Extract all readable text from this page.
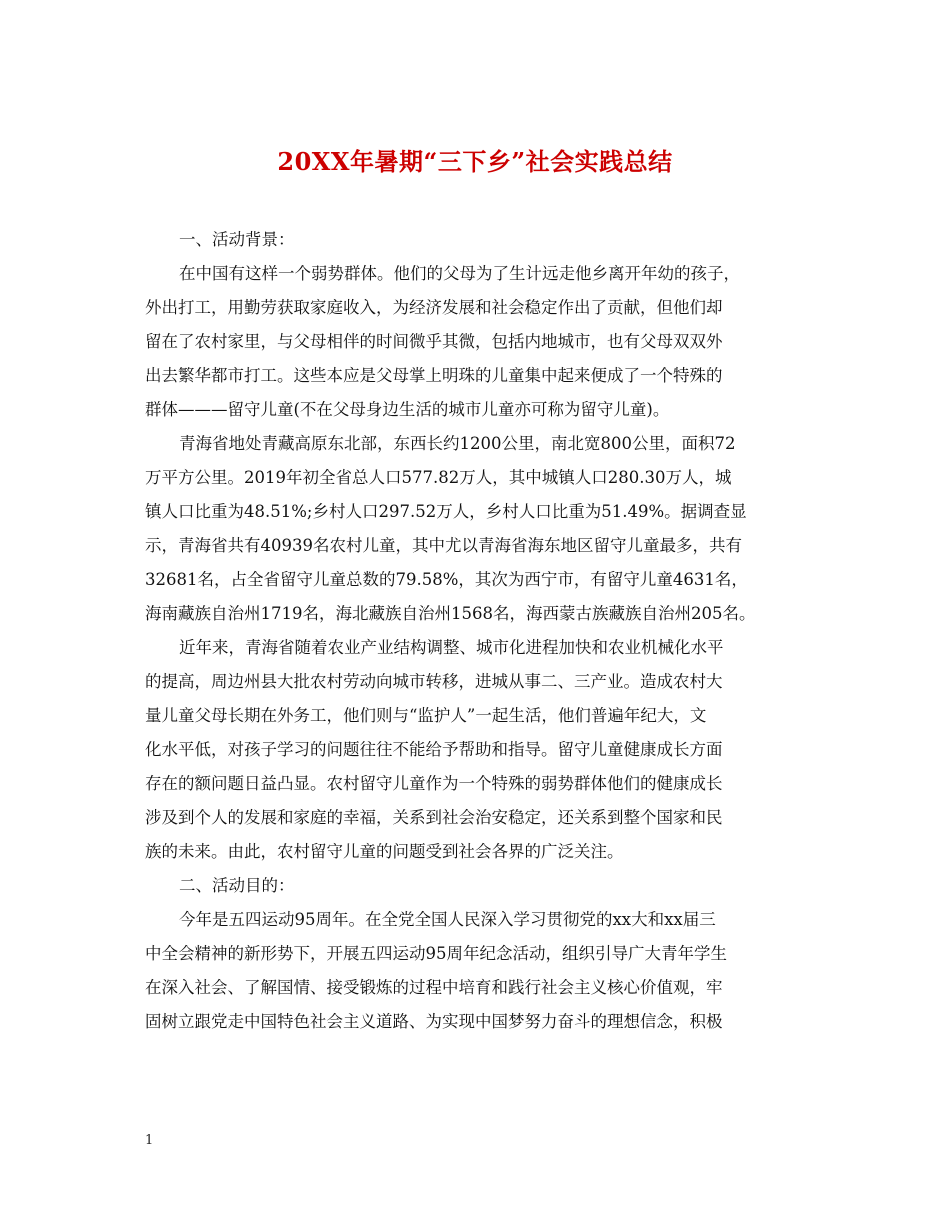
20XX年暑期“三下乡”社会实践总结
一、活动背景：
在中国有这样一个弱势群体。他们的父母为了生计远走他乡离开年幼的孩子，
外出打工，用勤劳获取家庭收入，为经济发展和社会稳定作出了贡献，但他们却
留在了农村家里，与父母相伴的时间微乎其微，包括内地城市，也有父母双双外
出去繁华都市打工。这些本应是父母掌上明珠的儿童集中起来便成了一个特殊的
群体———留守儿童(不在父母身边生活的城市儿童亦可称为留守儿童)。
青海省地处青藏高原东北部，东西长约1200公里，南北宽800公里，面积72
万平方公里。2019年初全省总人口577.82万人，其中城镇人口280.30万人，城
镇人口比重为48.51%;乡村人口297.52万人，乡村人口比重为51.49%。据调查显
示，青海省共有40939名农村儿童，其中尤以青海省海东地区留守儿童最多，共有
32681名，占全省留守儿童总数的79.58%，其次为西宁市，有留守儿童4631名，
海南藏族自治州1719名，海北藏族自治州1568名，海西蒙古族藏族自治州205名。
近年来，青海省随着农业产业结构调整、城市化进程加快和农业机械化水平
的提高，周边州县大批农村劳动向城市转移，进城从事二、三产业。造成农村大
量儿童父母长期在外务工，他们则与“监护人”一起生活，他们普遍年纪大，文
化水平低，对孩子学习的问题往往不能给予帮助和指导。留守儿童健康成长方面
存在的额问题日益凸显。农村留守儿童作为一个特殊的弱势群体他们的健康成长
涉及到个人的发展和家庭的幸福，关系到社会治安稳定，还关系到整个国家和民
族的未来。由此，农村留守儿童的问题受到社会各界的广泛关注。
二、活动目的：
今年是五四运动95周年。在全党全国人民深入学习贯彻党的xx大和xx届三
中全会精神的新形势下，开展五四运动95周年纪念活动，组织引导广大青年学生
在深入社会、了解国情、接受锻炼的过程中培育和践行社会主义核心价值观，牢
固树立跟党走中国特色社会主义道路、为实现中国梦努力奋斗的理想信念，积极
1
